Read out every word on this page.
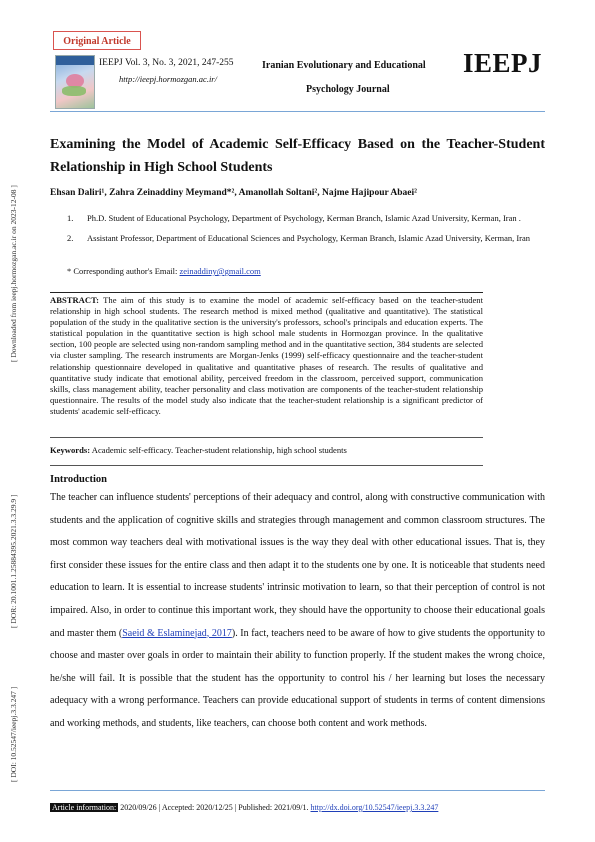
Original Article
IEEPJ Vol. 3, No. 3, 2021, 247-255
http://ieepj.hormozgan.ac.ir/
Iranian Evolutionary and Educational
Psychology Journal
IEEPJ
Examining the Model of Academic Self-Efficacy Based on the Teacher-Student Relationship in High School Students
Ehsan Daliri¹, Zahra Zeinaddiny Meymand*², Amanollah Soltani², Najme Hajipour Abaei²
1. Ph.D. Student of Educational Psychology, Department of Psychology, Kerman Branch, Islamic Azad University, Kerman, Iran .
2. Assistant Professor, Department of Educational Sciences and Psychology, Kerman Branch, Islamic Azad University, Kerman, Iran
* Corresponding author's Email: zeinaddiny@gmail.com
ABSTRACT: The aim of this study is to examine the model of academic self-efficacy based on the teacher-student relationship in high school students. The research method is mixed method (qualitative and quantitative). The statistical population of the study in the qualitative section is the university's professors, school's principals and education experts. The statistical population in the quantitative section is high school male students in Hormozgan province. In the qualitative section, 100 people are selected using non-random sampling method and in the quantitative section, 384 students are selected via cluster sampling. The research instruments are Morgan-Jenks (1999) self-efficacy questionnaire and the teacher-student relationship questionnaire developed in qualitative and quantitative phases of research. The results of qualitative and quantitative study indicate that emotional ability, perceived freedom in the classroom, perceived support, communication skills, class management ability, teacher personality and class motivation are components of the teacher-student relationship questionnaire. The results of the model study also indicate that the teacher-student relationship is a significant predictor of students' academic self-efficacy.
Keywords: Academic self-efficacy. Teacher-student relationship, high school students
Introduction
The teacher can influence students' perceptions of their adequacy and control, along with constructive communication with students and the application of cognitive skills and strategies through management and common classroom structures. The most common way teachers deal with motivational issues is the way they deal with other educational issues. That is, they first consider these issues for the entire class and then adapt it to the students one by one. It is noticeable that students need education to learn. It is essential to increase students' intrinsic motivation to learn, so that their perception of control is not impaired. Also, in order to continue this important work, they should have the opportunity to choose their educational goals and master them (Saeid & Eslaminejad, 2017). In fact, teachers need to be aware of how to give students the opportunity to choose and master over goals in order to maintain their ability to function properly. If the student makes the wrong choice, he/she will fail. It is possible that the student has the opportunity to control his / her learning but loses the necessary adequacy with a wrong performance. Teachers can provide educational support of students in terms of content dimensions and working methods, and students, like teachers, can choose both content and work methods.
[ Downloaded from ieepj.hormozgan.ac.ir on 2023-12-08 ]
[ DOR: 20.1001.1.25884395.2021.3.3.29.9 ]
[ DOI: 10.52547/ieepj.3.3.247 ]
Article information: 2020/09/26 | Accepted: 2020/12/25 | Published: 2021/09/1. http://dx.doi.org/10.52547/ieepj.3.3.247
